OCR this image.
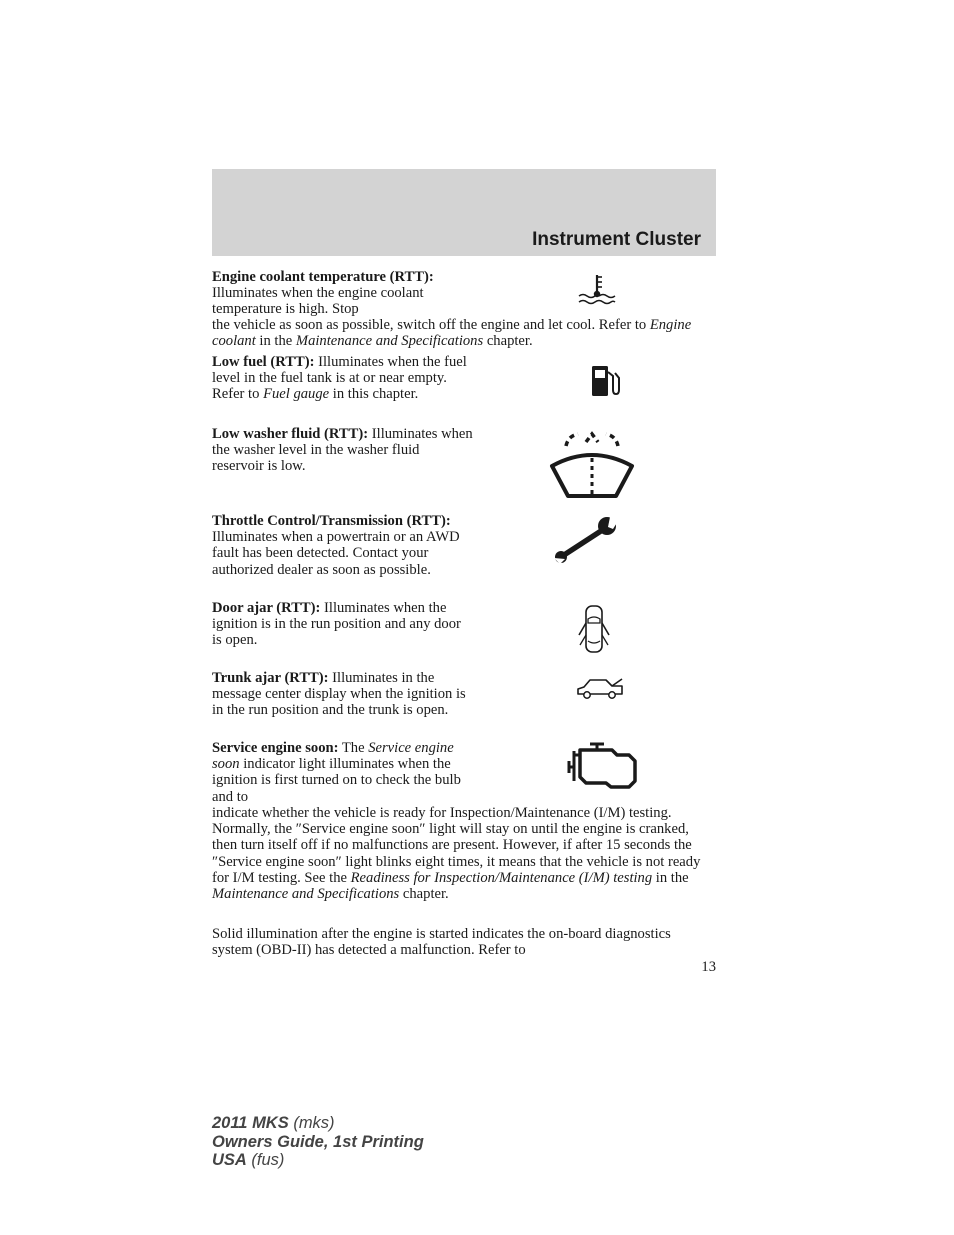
Instrument Cluster
Engine coolant temperature (RTT): Illuminates when the engine coolant temperature is high. Stop
the vehicle as soon as possible, switch off the engine and let cool. Refer to Engine coolant in the Maintenance and Specifications chapter.
Low fuel (RTT): Illuminates when the fuel level in the fuel tank is at or near empty. Refer to Fuel gauge in this chapter.
Low washer fluid (RTT): Illuminates when the washer level in the washer fluid reservoir is low.
Throttle Control/Transmission (RTT): Illuminates when a powertrain or an AWD fault has been detected. Contact your authorized dealer as soon as possible.
Door ajar (RTT): Illuminates when the ignition is in the run position and any door is open.
Trunk ajar (RTT): Illuminates in the message center display when the ignition is in the run position and the trunk is open.
Service engine soon: The Service engine soon indicator light illuminates when the ignition is first turned on to check the bulb and to
indicate whether the vehicle is ready for Inspection/Maintenance (I/M) testing. Normally, the ″Service engine soon″ light will stay on until the engine is cranked, then turn itself off if no malfunctions are present. However, if after 15 seconds the ″Service engine soon″ light blinks eight times, it means that the vehicle is not ready for I/M testing. See the Readiness for Inspection/Maintenance (I/M) testing in the Maintenance and Specifications chapter.
Solid illumination after the engine is started indicates the on-board diagnostics system (OBD-II) has detected a malfunction. Refer to
13
2011 MKS (mks)
Owners Guide, 1st Printing
USA (fus)
